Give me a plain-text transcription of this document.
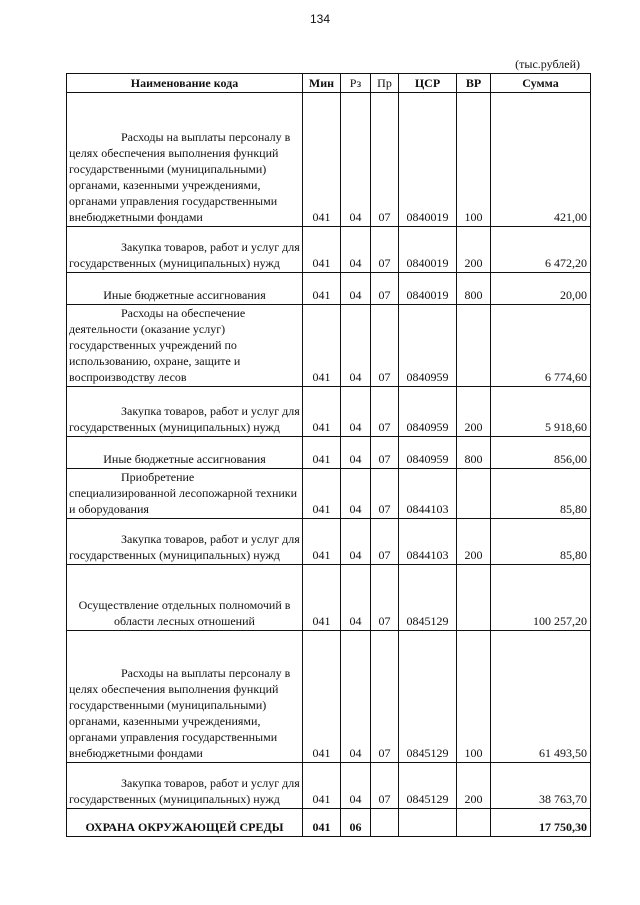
134
(тыс.рублей)
Наименование кода	Мин	Рз	Пр	ЦСР	ВР	Сумма
Расходы на выплаты персоналу в целях обеспечения выполнения функций государственными (муниципальными) органами, казенными учреждениями, органами управления государственными внебюджетными фондами	041	04	07	0840019	100	421,00
Закупка товаров, работ и услуг для государственных (муниципальных) нужд	041	04	07	0840019	200	6 472,20
Иные бюджетные ассигнования	041	04	07	0840019	800	20,00
Расходы на обеспечение деятельности (оказание услуг) государственных учреждений по использованию, охране, защите и воспроизводству лесов	041	04	07	0840959		6 774,60
Закупка товаров, работ и услуг для государственных (муниципальных) нужд	041	04	07	0840959	200	5 918,60
Иные бюджетные ассигнования	041	04	07	0840959	800	856,00
Приобретение специализированной лесопожарной техники и оборудования	041	04	07	0844103		85,80
Закупка товаров, работ и услуг для государственных (муниципальных) нужд	041	04	07	0844103	200	85,80
Осуществление отдельных полномочий в области лесных отношений	041	04	07	0845129		100 257,20
Расходы на выплаты персоналу в целях обеспечения выполнения функций государственными (муниципальными) органами, казенными учреждениями, органами управления государственными внебюджетными фондами	041	04	07	0845129	100	61 493,50
Закупка товаров, работ и услуг для государственных (муниципальных) нужд	041	04	07	0845129	200	38 763,70
ОХРАНА ОКРУЖАЮЩЕЙ СРЕДЫ	041	06				17 750,30
